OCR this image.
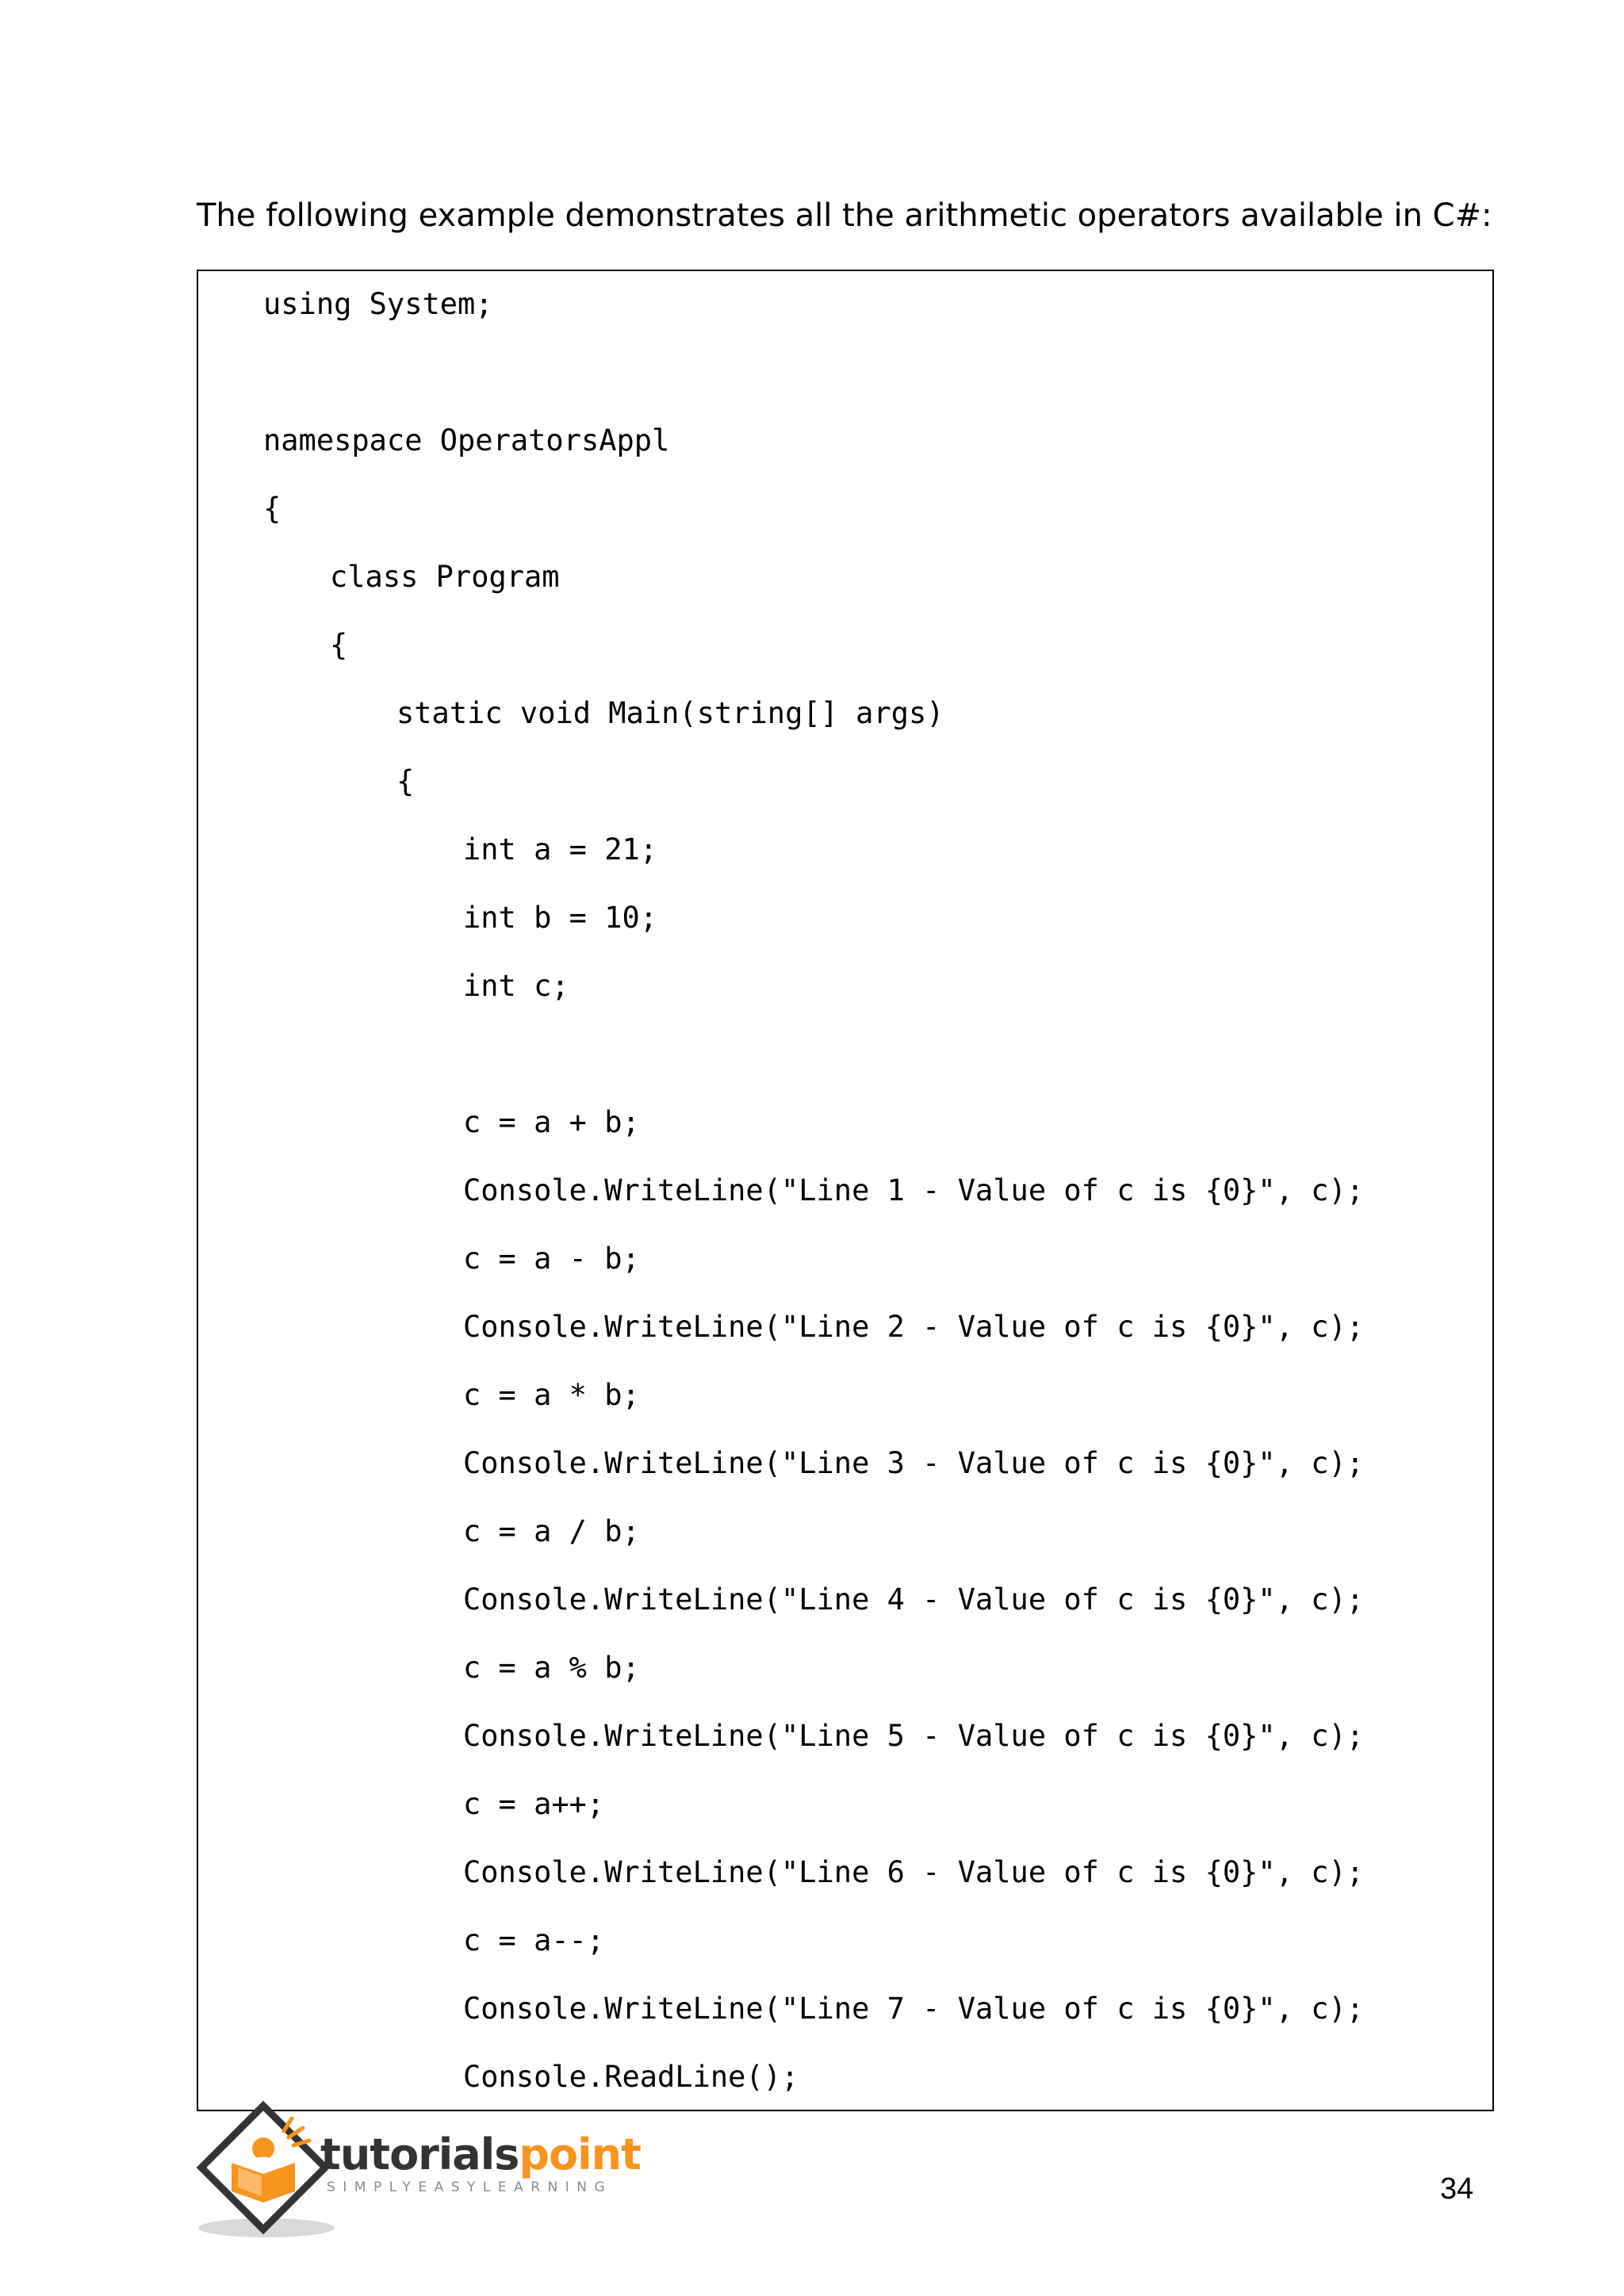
The following example demonstrates all the arithmetic operators available in C#:
using System;
namespace OperatorsAppl
{
class Program
{
static void Main(string[] args)
{
int a = 21;
int b = 10;
int c;
c = a + b;
Console.WriteLine("Line 1 - Value of c is {0}", c);
c = a - b;
Console.WriteLine("Line 2 - Value of c is {0}", c);
c = a * b;
Console.WriteLine("Line 3 - Value of c is {0}", c);
c = a / b;
Console.WriteLine("Line 4 - Value of c is {0}", c);
c = a % b;
Console.WriteLine("Line 5 - Value of c is {0}", c);
c = a++;
Console.WriteLine("Line 6 - Value of c is {0}", c);
c = a--;
Console.WriteLine("Line 7 - Value of c is {0}", c);
Console.ReadLine();
tutorialspoint
SIMPLYEASYLEARNING	34
